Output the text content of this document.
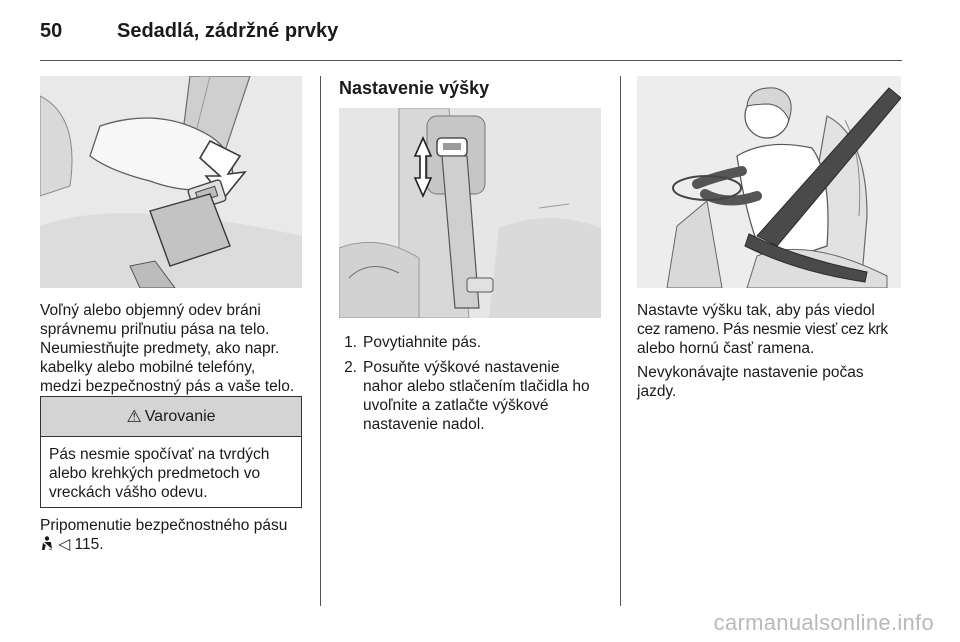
50	Sedadlá, zádržné prvky
Voľný alebo objemný odev bráni
správnemu priľnutiu pása na telo.
Neumiestňujte predmety, ako napr.
kabelky alebo mobilné telefóny,
medzi bezpečnostný pás a vaše telo.
⚠ Varovanie
Pás nesmie spočívať na tvrdých
alebo krehkých predmetoch vo
vreckách vášho odevu.
Pripomenutie bezpečnostného pásu
◁ 115.
Nastavenie výšky
1. Povytiahnite pás.
2. Posuňte výškové nastavenie
nahor alebo stlačením tlačidla ho
uvoľnite a zatlačte výškové
nastavenie nadol.
Nastavte výšku tak, aby pás viedol
cez rameno. Pás nesmie viesť cez krk
alebo hornú časť ramena.
Nevykonávajte nastavenie počas
jazdy.
carmanualsonline.info
